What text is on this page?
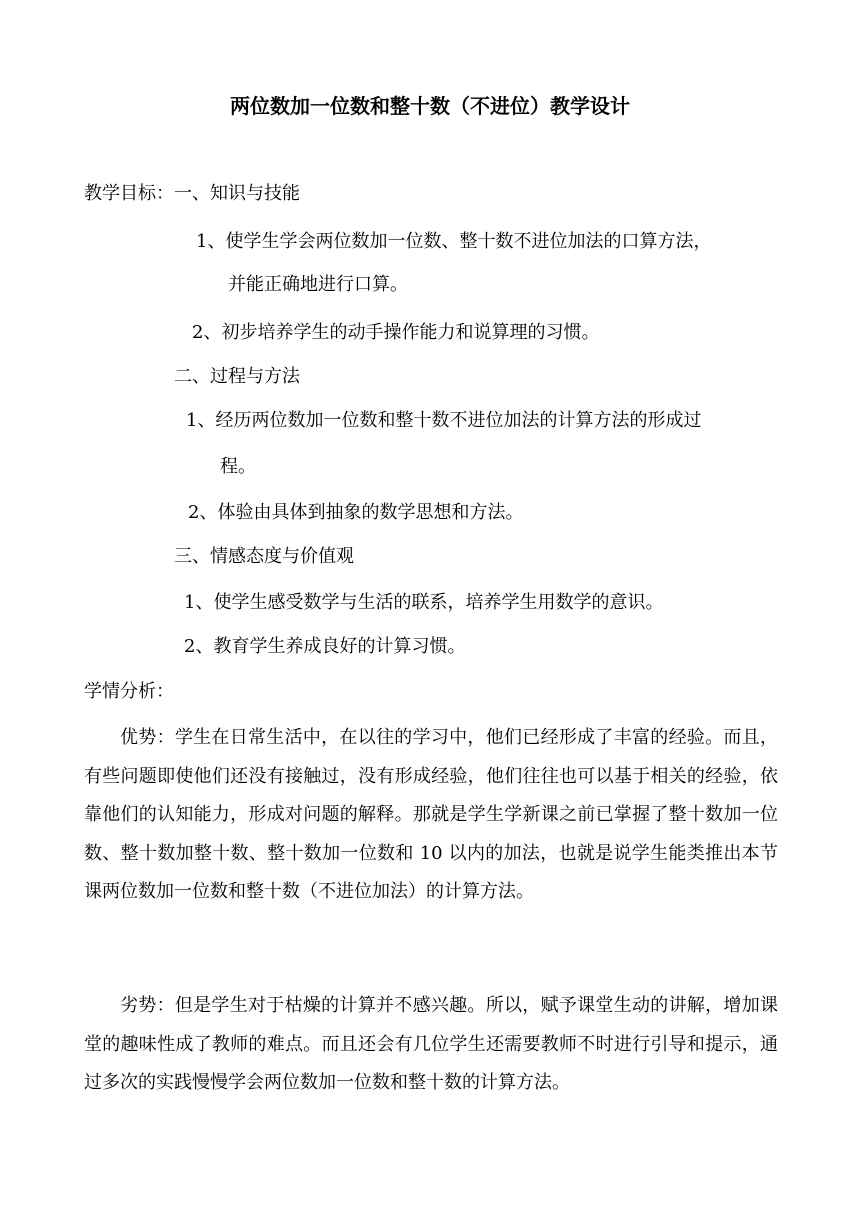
两位数加一位数和整十数（不进位）教学设计
教学目标： 一、知识与技能
1、使学生学会两位数加一位数、整十数不进位加法的口算方法，
并能正确地进行口算。
2、初步培养学生的动手操作能力和说算理的习惯。
二、过程与方法
1、经历两位数加一位数和整十数不进位加法的计算方法的形成过
程。
2、体验由具体到抽象的数学思想和方法。
三、情感态度与价值观
1、使学生感受数学与生活的联系，培养学生用数学的意识。
2、教育学生养成良好的计算习惯。
学情分析：

优势：学生在日常生活中，在以往的学习中，他们已经形成了丰富的经验。而且，有些问题即使他们还没有接触过，没有形成经验，他们往往也可以基于相关的经验，依靠他们的认知能力，形成对问题的解释。那就是学生学新课之前已掌握了整十数加一位数、整十数加整十数、整十数加一位数和 10 以内的加法，也就是说学生能类推出本节课两位数加一位数和整十数（不进位加法）的计算方法。

劣势：但是学生对于枯燥的计算并不感兴趣。所以，赋予课堂生动的讲解，增加课堂的趣味性成了教师的难点。而且还会有几位学生还需要教师不时进行引导和提示，通过多次的实践慢慢学会两位数加一位数和整十数的计算方法。
